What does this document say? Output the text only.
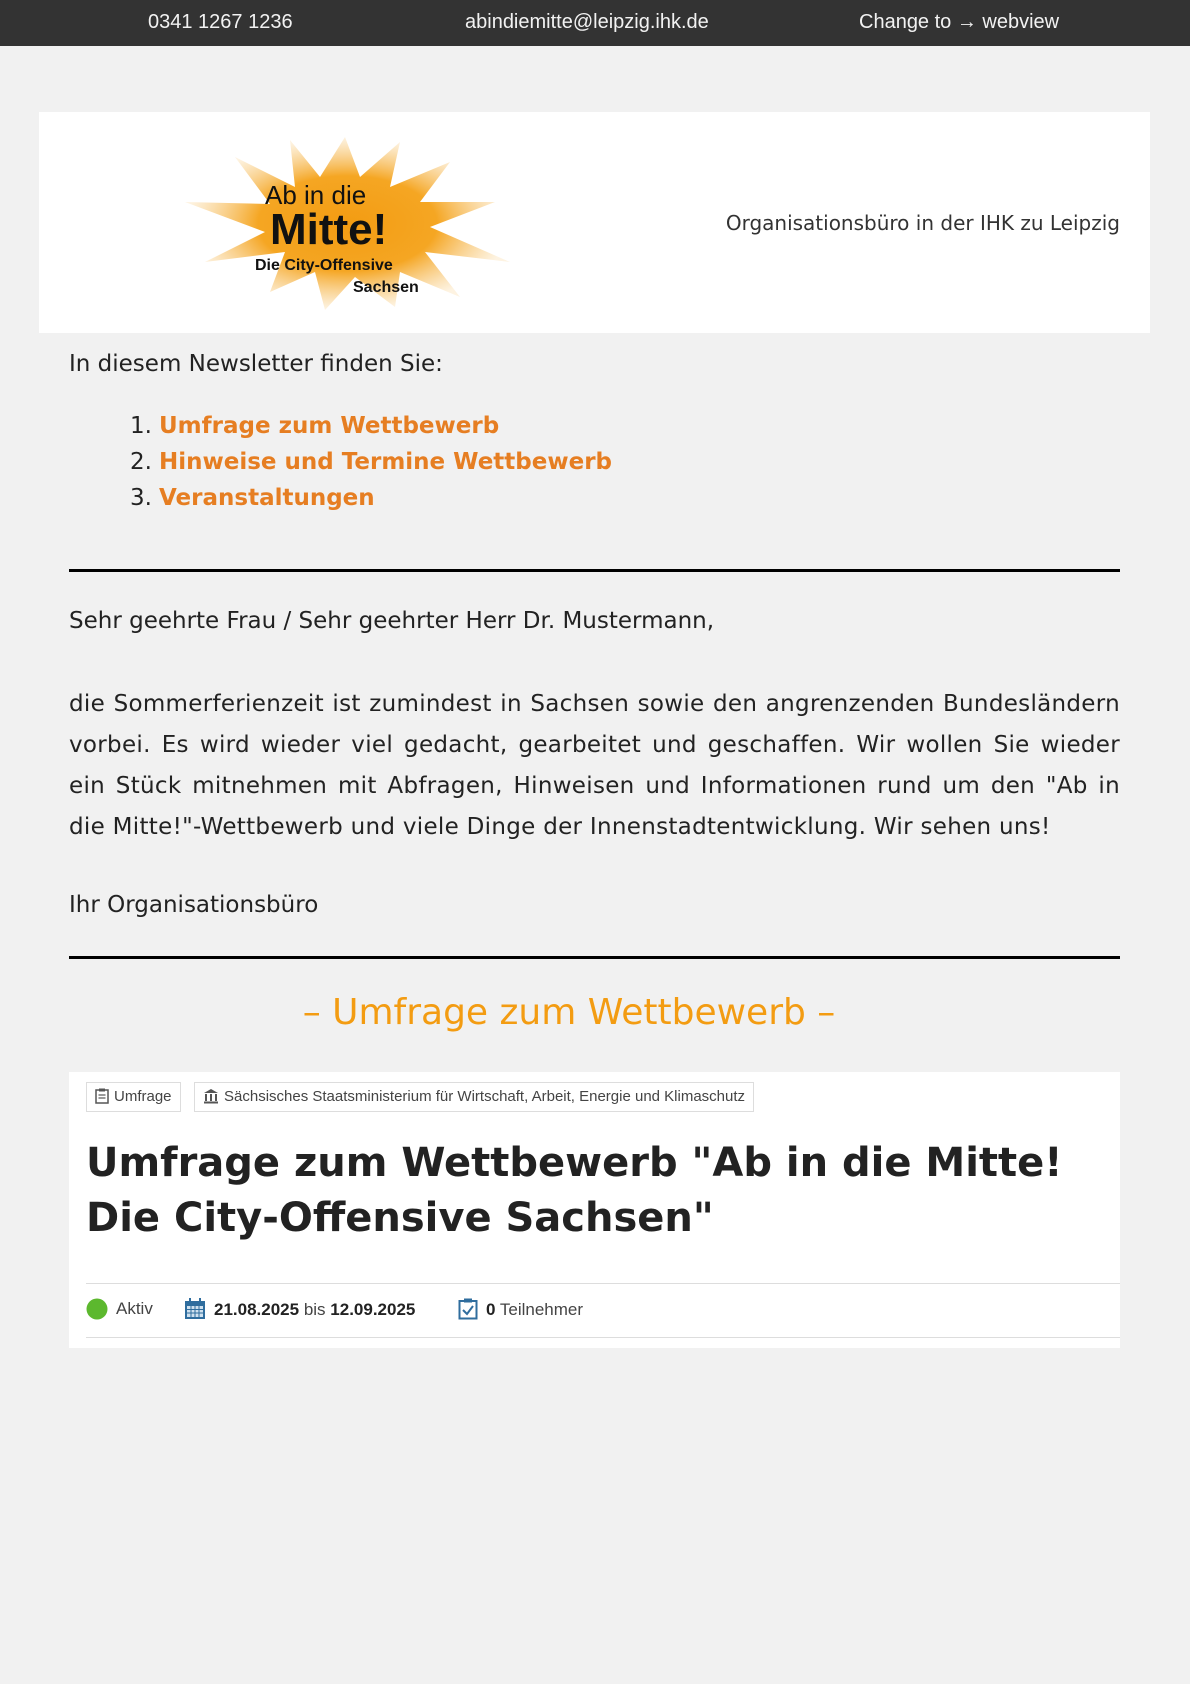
0341 1267 1236	abindiemitte@leipzig.ihk.de	Change to → webview
Ab in die
Mitte!
Die City-Offensive
Sachsen
Organisationsbüro in der IHK zu Leipzig
In diesem Newsletter finden Sie:
1. Umfrage zum Wettbewerb
2. Hinweise und Termine Wettbewerb
3. Veranstaltungen
Sehr geehrte Frau / Sehr geehrter Herr Dr. Mustermann,

die Sommerferienzeit ist zumindest in Sachsen sowie den angrenzenden Bundesländern vorbei. Es wird wieder viel gedacht, gearbeitet und geschaffen. Wir wollen Sie wieder ein Stück mitnehmen mit Abfragen, Hinweisen und Informationen rund um den "Ab in die Mitte!"-Wettbewerb und viele Dinge der Innenstadtentwicklung. Wir sehen uns!

Ihr Organisationsbüro
– Umfrage zum Wettbewerb –
Umfrage	Sächsisches Staatsministerium für Wirtschaft, Arbeit, Energie und Klimaschutz
Umfrage zum Wettbewerb "Ab in die Mitte! Die City-Offensive Sachsen"
Aktiv	21.08.2025 bis 12.09.2025	0 Teilnehmer
